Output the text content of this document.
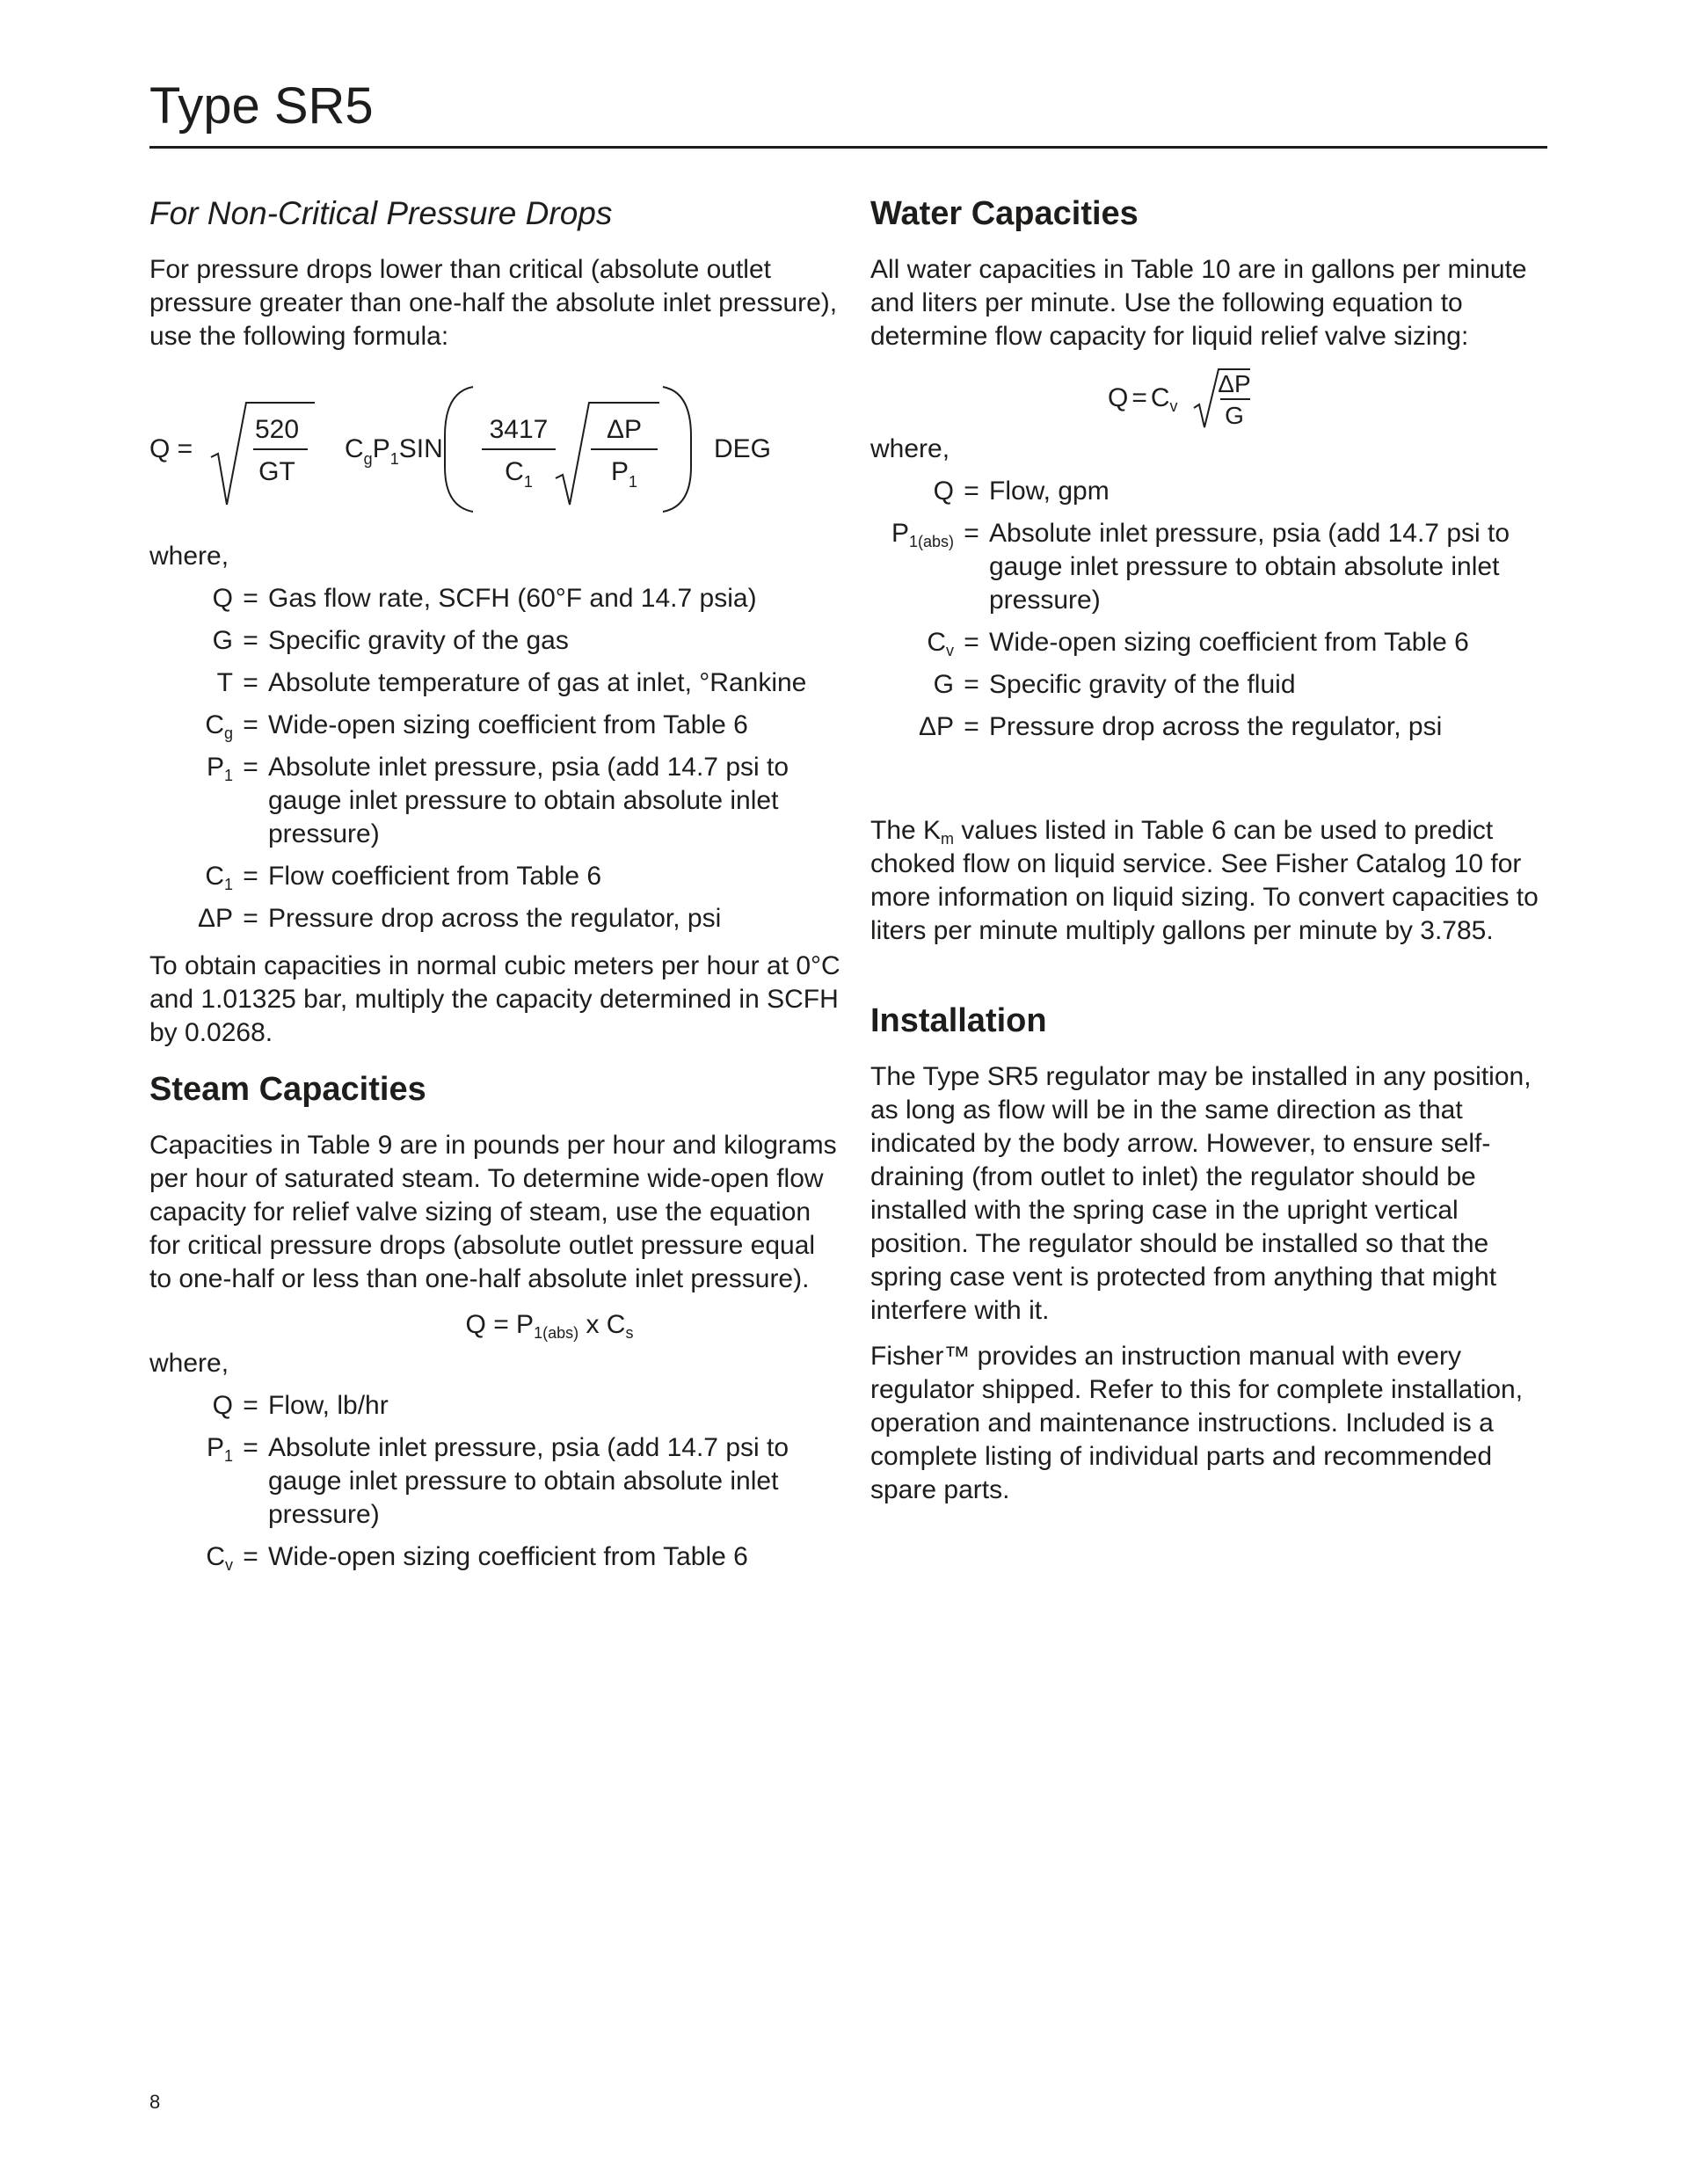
Type SR5
For Non-Critical Pressure Drops

For pressure drops lower than critical (absolute outlet pressure greater than one-half the absolute inlet pressure), use the following formula:

Q =
520
GT
$C_gP_1SIN$
3417
$C_1$
ΔP
$P_1$
DEG

where,

Q = Gas flow rate, SCFH (60°F and 14.7 psia)
G = Specific gravity of the gas
T = Absolute temperature of gas at inlet, °Rankine
$C_g$ = Wide-open sizing coefficient from Table 6
$P_1$ = Absolute inlet pressure, psia (add 14.7 psi to gauge inlet pressure to obtain absolute inlet pressure)
$C_1$ = Flow coefficient from Table 6
ΔP = Pressure drop across the regulator, psi

To obtain capacities in normal cubic meters per hour at 0°C and 1.01325 bar, multiply the capacity determined in SCFH by 0.0268.

Steam Capacities

Capacities in Table 9 are in pounds per hour and kilograms per hour of saturated steam. To determine wide-open flow capacity for relief valve sizing of steam, use the equation for critical pressure drops (absolute outlet pressure equal to one-half or less than one-half absolute inlet pressure).

$Q = P_{1(abs)}$ x $C_s$

where,

Q = Flow, lb/hr
$P_1$ = Absolute inlet pressure, psia (add 14.7 psi to gauge inlet pressure to obtain absolute inlet pressure)
$C_v$ = Wide-open sizing coefficient from Table 6
Water Capacities

All water capacities in Table 10 are in gallons per minute and liters per minute. Use the following equation to determine flow capacity for liquid relief valve sizing:

$Q = C_v$
ΔP
G

where,

Q = Flow, gpm
$P_{1(abs)}$ = Absolute inlet pressure, psia (add 14.7 psi to gauge inlet pressure to obtain absolute inlet pressure)
$C_v$ = Wide-open sizing coefficient from Table 6
G = Specific gravity of the fluid
ΔP = Pressure drop across the regulator, psi

The $K_m$ values listed in Table 6 can be used to predict choked flow on liquid service. See Fisher Catalog 10 for more information on liquid sizing. To convert capacities to liters per minute multiply gallons per minute by 3.785.

Installation

The Type SR5 regulator may be installed in any position, as long as flow will be in the same direction as that indicated by the body arrow. However, to ensure self-draining (from outlet to inlet) the regulator should be installed with the spring case in the upright vertical position. The regulator should be installed so that the spring case vent is protected from anything that might interfere with it.

Fisher™ provides an instruction manual with every regulator shipped. Refer to this for complete installation, operation and maintenance instructions. Included is a complete listing of individual parts and recommended spare parts.

8
